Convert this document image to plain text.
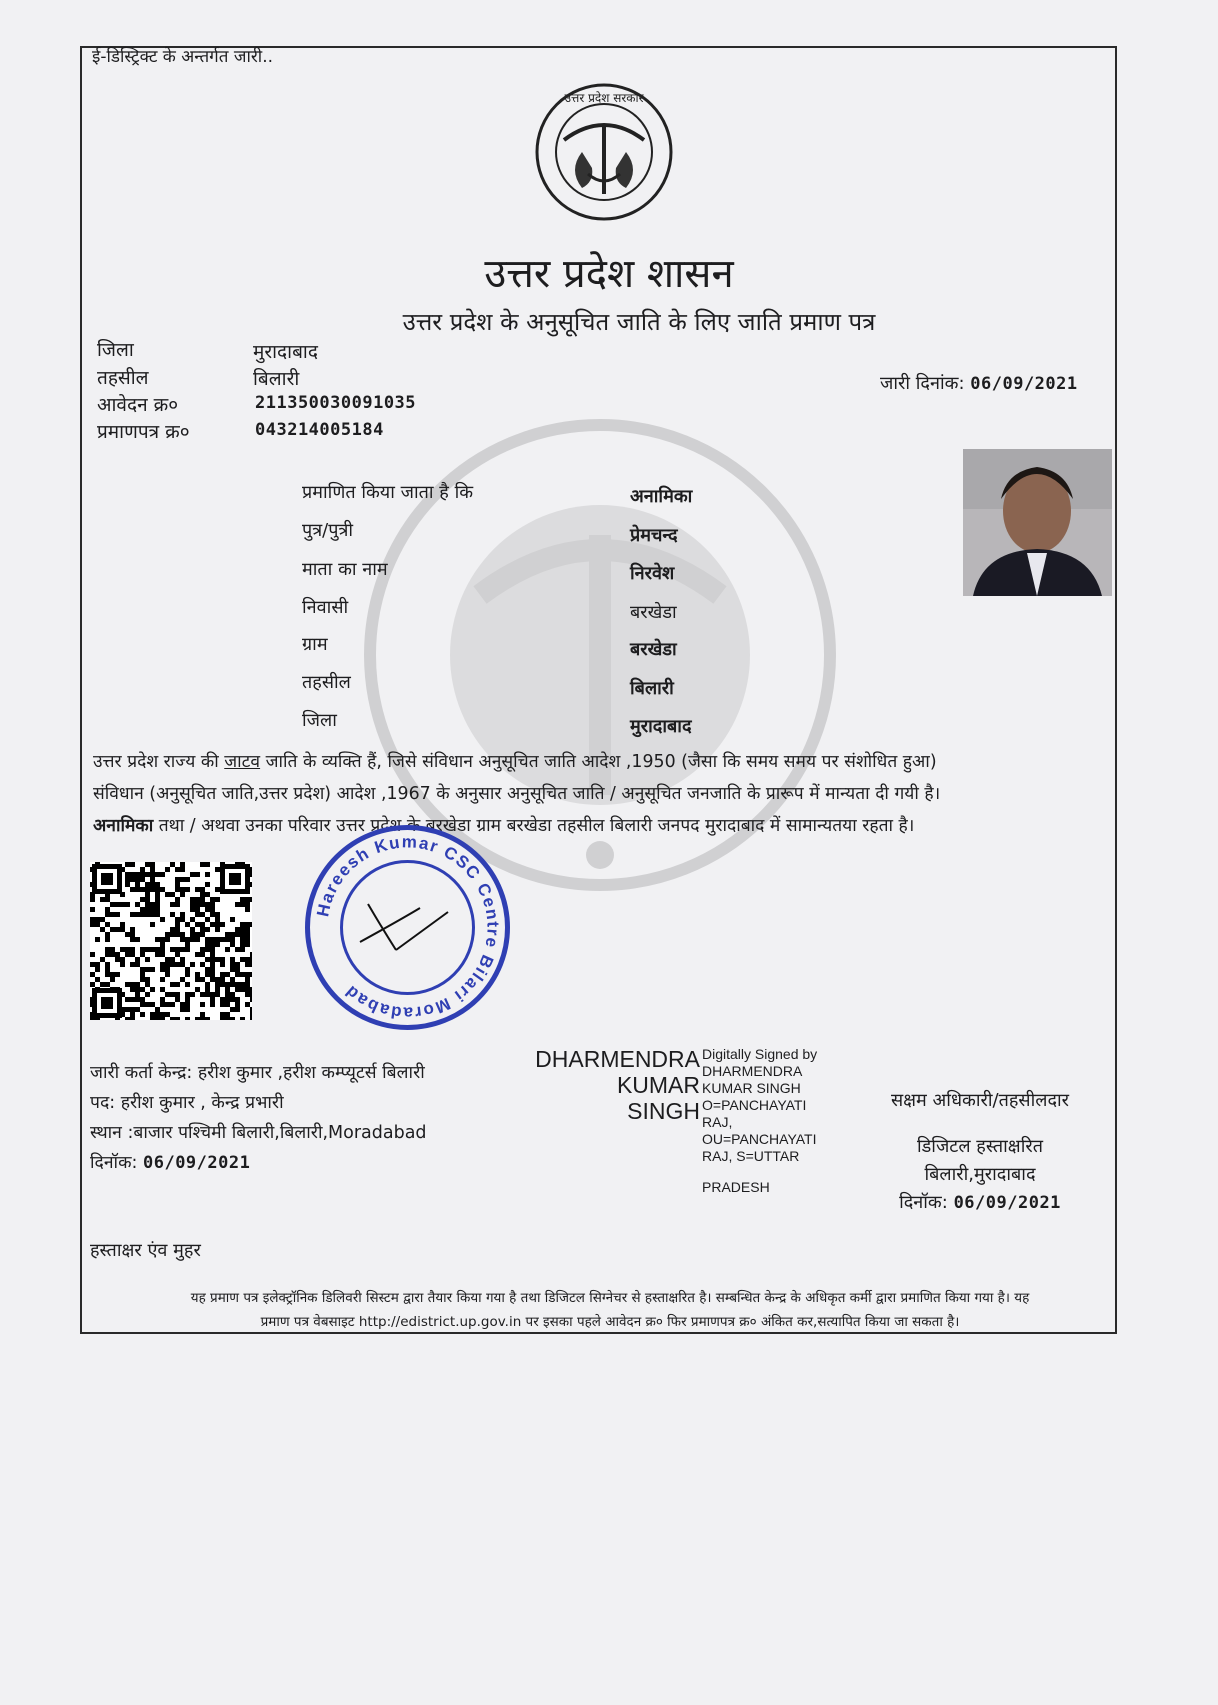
ई-डिस्ट्रिक्ट के अन्तर्गत जारी..
उत्तर प्रदेश सरकार
उत्तर प्रदेश शासन
उत्तर प्रदेश के अनुसूचित जाति के लिए जाति प्रमाण पत्र
जिला	मुरादाबाद
तहसील	बिलारी
आवेदन क्र०	211350030091035
प्रमाणपत्र क्र०	043214005184
जारी दिनांक: 06/09/2021
प्रमाणित किया जाता है कि	अनामिका
पुत्र/पुत्री	प्रेमचन्द
माता का नाम	निरवेश
निवासी	बरखेडा
ग्राम	बरखेडा
तहसील	बिलारी
जिला	मुरादाबाद
उत्तर प्रदेश राज्य की जाटव जाति के व्यक्ति हैं, जिसे संविधान अनुसूचित जाति आदेश ,1950 (जैसा कि समय समय पर संशोधित हुआ)
संविधान (अनुसूचित जाति,उत्तर प्रदेश) आदेश ,1967 के अनुसार अनुसूचित जाति / अनुसूचित जनजाति के प्रारूप में मान्यता दी गयी है।
अनामिका तथा / अथवा उनका परिवार उत्तर प्रदेश के बरखेडा ग्राम बरखेडा तहसील बिलारी जनपद मुरादाबाद में सामान्यतया रहता है।
Hareesh Kumar CSC Centre Bilari Moradabad
जारी कर्ता केन्द्र: हरीश कुमार ,हरीश कम्प्यूटर्स बिलारी
पद: हरीश कुमार , केन्द्र प्रभारी
स्थान :बाजार पश्चिमी बिलारी,बिलारी,Moradabad
दिनॉक: 06/09/2021
DHARMENDRA
KUMAR
SINGH
Digitally Signed by
DHARMENDRA
KUMAR SINGH
O=PANCHAYATI
RAJ,
OU=PANCHAYATI
RAJ, S=UTTAR
PRADESH
सक्षम अधिकारी/तहसीलदार
डिजिटल हस्ताक्षरित
बिलारी,मुरादाबाद
दिनॉक: 06/09/2021
हस्ताक्षर एंव मुहर
यह प्रमाण पत्र इलेक्ट्रॉनिक डिलिवरी सिस्टम द्वारा तैयार किया गया है तथा डिजिटल सिग्नेचर से हस्ताक्षरित है। सम्बन्धित केन्द्र के अधिकृत कर्मी द्वारा प्रमाणित किया गया है। यह
प्रमाण पत्र वेबसाइट http://edistrict.up.gov.in पर इसका पहले आवेदन क्र० फिर प्रमाणपत्र क्र० अंकित कर,सत्यापित किया जा सकता है।
